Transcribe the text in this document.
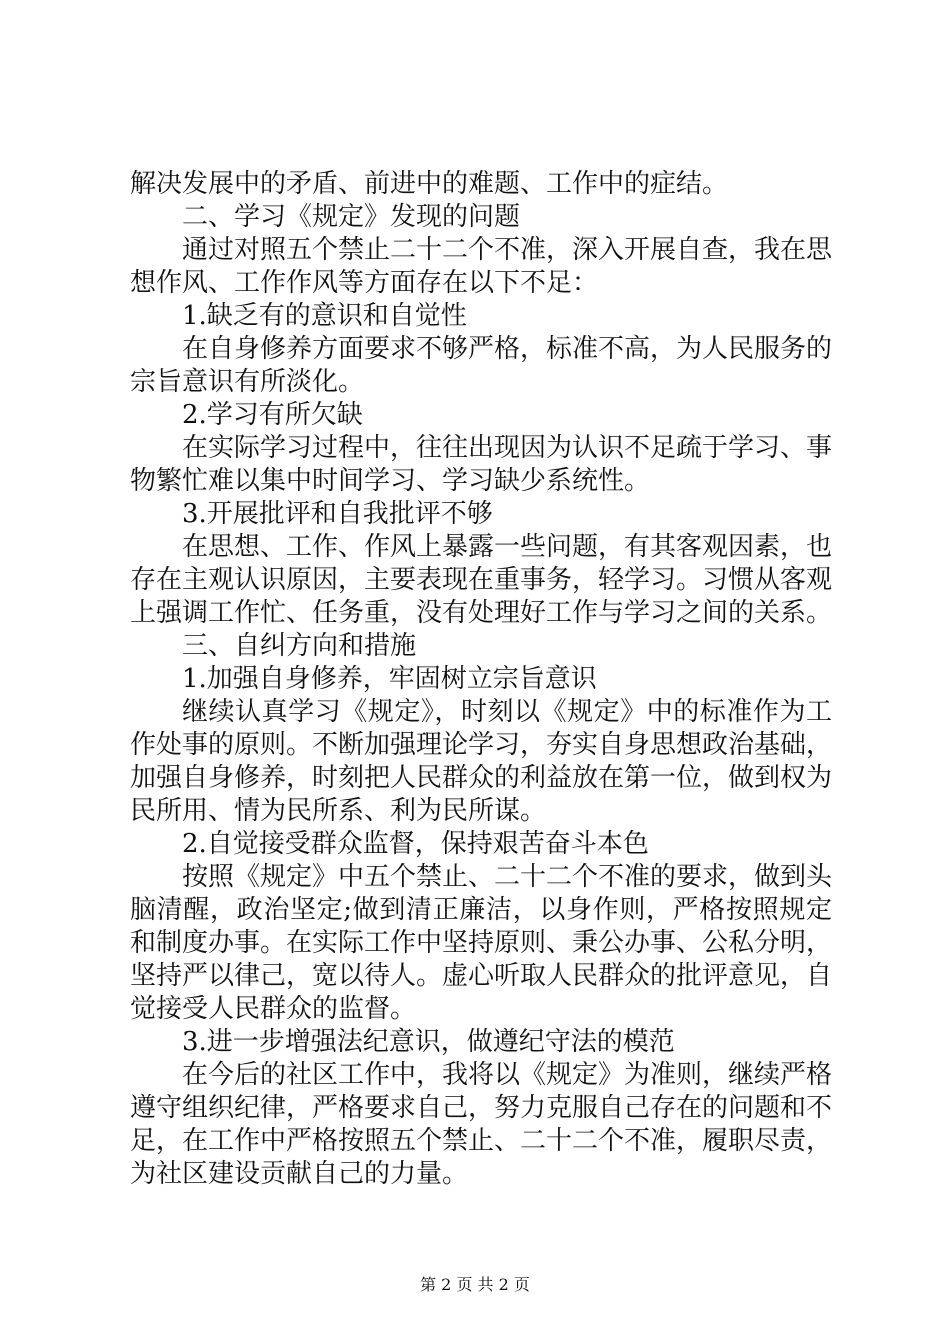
解决发展中的矛盾、前进中的难题、工作中的症结。

二、学习《规定》发现的问题

通过对照五个禁止二十二个不准，深入开展自查，我在思想作风、工作作风等方面存在以下不足：

1.缺乏有的意识和自觉性

在自身修养方面要求不够严格，标准不高，为人民服务的宗旨意识有所淡化。

2.学习有所欠缺

在实际学习过程中，往往出现因为认识不足疏于学习、事物繁忙难以集中时间学习、学习缺少系统性。

3.开展批评和自我批评不够

在思想、工作、作风上暴露一些问题，有其客观因素，也存在主观认识原因，主要表现在重事务，轻学习。习惯从客观上强调工作忙、任务重，没有处理好工作与学习之间的关系。

三、自纠方向和措施

1.加强自身修养，牢固树立宗旨意识

继续认真学习《规定》，时刻以《规定》中的标准作为工作处事的原则。不断加强理论学习，夯实自身思想政治基础，加强自身修养，时刻把人民群众的利益放在第一位，做到权为民所用、情为民所系、利为民所谋。

2.自觉接受群众监督，保持艰苦奋斗本色

按照《规定》中五个禁止、二十二个不准的要求，做到头脑清醒，政治坚定;做到清正廉洁，以身作则，严格按照规定和制度办事。在实际工作中坚持原则、秉公办事、公私分明，坚持严以律己，宽以待人。虚心听取人民群众的批评意见，自觉接受人民群众的监督。

3.进一步增强法纪意识，做遵纪守法的模范

在今后的社区工作中，我将以《规定》为准则，继续严格遵守组织纪律，严格要求自己，努力克服自己存在的问题和不足，在工作中严格按照五个禁止、二十二个不准，履职尽责，为社区建设贡献自己的力量。

第 2 页 共 2 页
